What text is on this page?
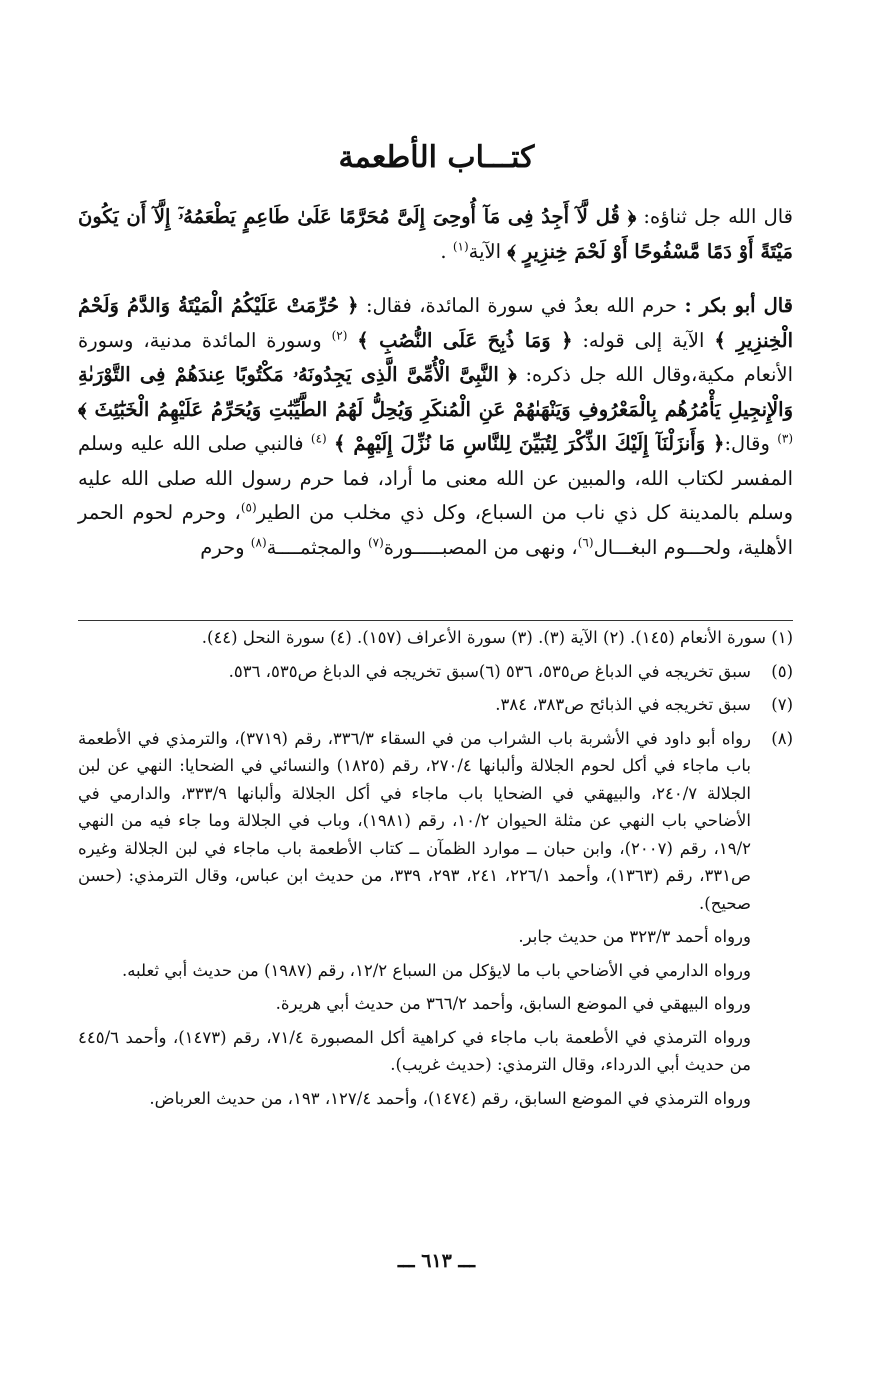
كتـــاب الأطعمة

قال الله جل ثناؤه: ﴿ قُل لَّآ أَجِدُ فِى مَآ أُوحِىَ إِلَىَّ مُحَرَّمًا عَلَىٰ طَاعِمٍ يَطْعَمُهُۥٓ إِلَّآ أَن يَكُونَ مَيْتَةً أَوْ دَمًا مَّسْفُوحًا أَوْ لَحْمَ خِنزِيرٍ ﴾ الآية$^{(١)}$ .

قال أبو بكر : حرم الله بعدُ في سورة المائدة، فقال: ﴿ حُرِّمَتْ عَلَيْكُمُ الْمَيْتَةُ وَالدَّمُ وَلَحْمُ الْخِنزِيرِ ﴾ الآية إلى قوله: ﴿ وَمَا ذُبِحَ عَلَى النُّصُبِ ﴾ $^{(٢)}$ وسورة المائدة مدنية، وسورة الأنعام مكية،وقال الله جل ذكره: ﴿ النَّبِىَّ الْأُمِّىَّ الَّذِى يَجِدُونَهُۥ مَكْتُوبًا عِندَهُمْ فِى التَّوْرَىٰةِ وَالْإِنجِيلِ يَأْمُرُهُم بِالْمَعْرُوفِ وَيَنْهَىٰهُمْ عَنِ الْمُنكَرِ وَيُحِلُّ لَهُمُ الطَّيِّبَٰتِ وَيُحَرِّمُ عَلَيْهِمُ الْخَبَٰٓئِثَ ﴾ $^{(٣)}$ وقال:﴿ وَأَنزَلْنَآ إِلَيْكَ الذِّكْرَ لِتُبَيِّنَ لِلنَّاسِ مَا نُزِّلَ إِلَيْهِمْ ﴾ $^{(٤)}$ فالنبي صلى الله عليه وسلم المفسر لكتاب الله، والمبين عن الله معنى ما أراد، فما حرم رسول الله صلى الله عليه وسلم بالمدينة كل ذي ناب من السباع، وكل ذي مخلب من الطير$^{(٥)}$، وحرم لحوم الحمر الأهلية، ولحـــوم البغـــال$^{(٦)}$، ونهى من المصبـــــورة$^{(٧)}$ والمجثمــــة$^{(٨)}$ وحرم

(١) سورة الأنعام (١٤٥). (٢) الآية (٣). (٣) سورة الأعراف (١٥٧). (٤) سورة النحل (٤٤).
(٥)
سبق تخريجه في الدباغ ص٥٣٥، ٥٣٦ (٦)سبق تخريجه في الدباغ ص٥٣٥، ٥٣٦.
(٧)
سبق تخريجه في الذبائح ص٣٨٣، ٣٨٤.
(٨)

رواه أبو داود في الأشربة باب الشراب من في السقاء ٣٣٦/٣، رقم (٣٧١٩)، والترمذي في الأطعمة باب ماجاء في أكل لحوم الجلالة وألبانها ٢٧٠/٤، رقم (١٨٢٥) والنسائي في الضحايا: النهي عن لبن الجلالة ٢٤٠/٧، والبيهقي في الضحايا باب ماجاء في أكل الجلالة وألبانها ٣٣٣/٩، والدارمي في الأضاحي باب النهي عن مثلة الحيوان ١٠/٢، رقم (١٩٨١)، وباب في الجلالة وما جاء فيه من النهي ١٩/٢، رقم (٢٠٠٧)، وابن حبان ــ موارد الظمآن ــ كتاب الأطعمة باب ماجاء في لبن الجلالة وغيره ص٣٣١، رقم (١٣٦٣)، وأحمد ٢٢٦/١، ٢٤١، ٢٩٣، ٣٣٩، من حديث ابن عباس، وقال الترمذي: (حسن صحيح).

ورواه أحمد ٣٢٣/٣ من حديث جابر.

ورواه الدارمي في الأضاحي باب ما لايؤكل من السباع ١٢/٢، رقم (١٩٨٧) من حديث أبي ثعلبه.

ورواه البيهقي في الموضع السابق، وأحمد ٣٦٦/٢ من حديث أبي هريرة.

ورواه الترمذي في الأطعمة باب ماجاء في كراهية أكل المصبورة ٧١/٤، رقم (١٤٧٣)، وأحمد ٤٤٥/٦ من حديث أبي الدرداء، وقال الترمذي: (حديث غريب).

ورواه الترمذي في الموضع السابق، رقم (١٤٧٤)، وأحمد ١٢٧/٤، ١٩٣، من حديث العرباض.

ـــ ٦١٣ ـــ
